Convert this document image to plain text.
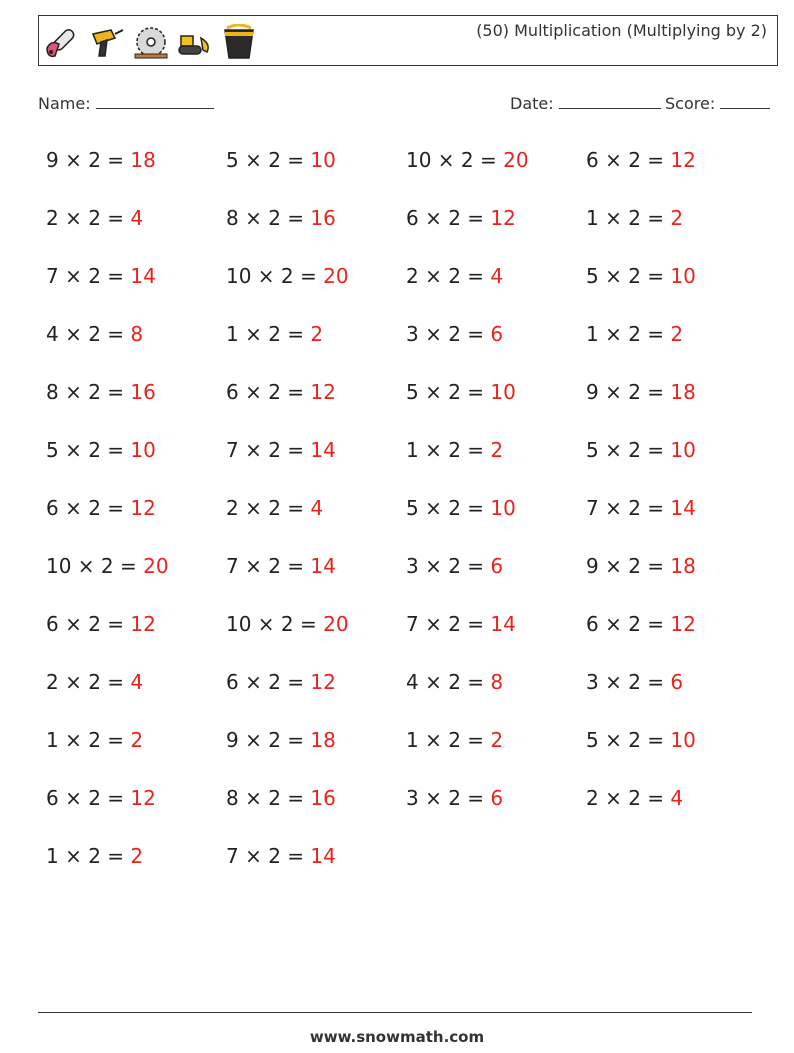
(50) Multiplication (Multiplying by 2)
Name:	Date:	Score:
9 × 2 = 18	5 × 2 = 10	10 × 2 = 20	6 × 2 = 12
2 × 2 = 4	8 × 2 = 16	6 × 2 = 12	1 × 2 = 2
7 × 2 = 14	10 × 2 = 20	2 × 2 = 4	5 × 2 = 10
4 × 2 = 8	1 × 2 = 2	3 × 2 = 6	1 × 2 = 2
8 × 2 = 16	6 × 2 = 12	5 × 2 = 10	9 × 2 = 18
5 × 2 = 10	7 × 2 = 14	1 × 2 = 2	5 × 2 = 10
6 × 2 = 12	2 × 2 = 4	5 × 2 = 10	7 × 2 = 14
10 × 2 = 20	7 × 2 = 14	3 × 2 = 6	9 × 2 = 18
6 × 2 = 12	10 × 2 = 20	7 × 2 = 14	6 × 2 = 12
2 × 2 = 4	6 × 2 = 12	4 × 2 = 8	3 × 2 = 6
1 × 2 = 2	9 × 2 = 18	1 × 2 = 2	5 × 2 = 10
6 × 2 = 12	8 × 2 = 16	3 × 2 = 6	2 × 2 = 4
1 × 2 = 2	7 × 2 = 14
www.snowmath.com
